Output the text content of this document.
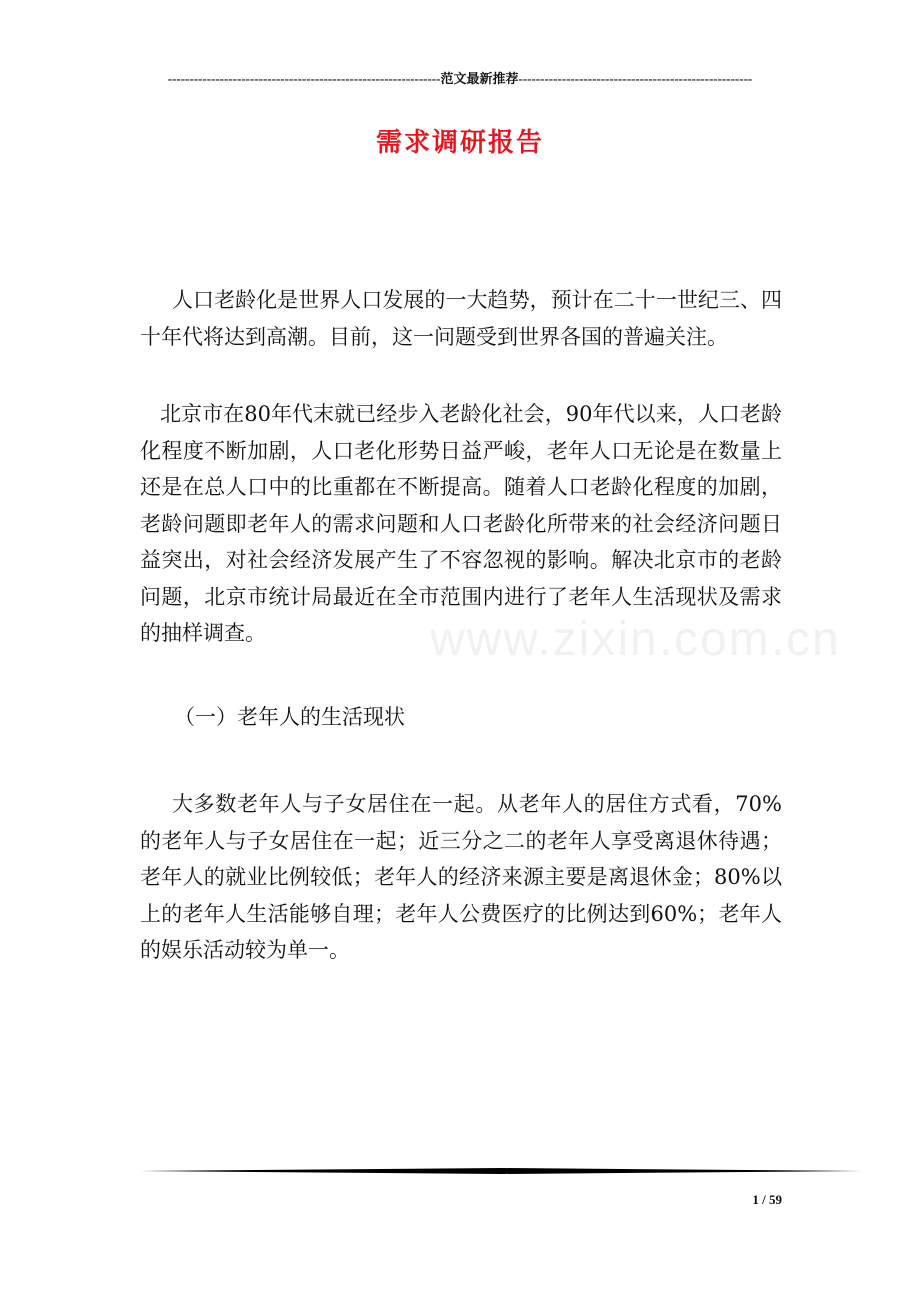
---------------------------------------------------------------范文最新推荐------------------------------------------------------
需求调研报告
www.zixin.com.cn

人口老龄化是世界人口发展的一大趋势，预计在二十一世纪三、四十年代将达到高潮。目前，这一问题受到世界各国的普遍关注。

北京市在80年代末就已经步入老龄化社会，90年代以来，人口老龄化程度不断加剧，人口老化形势日益严峻，老年人口无论是在数量上还是在总人口中的比重都在不断提高。随着人口老龄化程度的加剧，老龄问题即老年人的需求问题和人口老龄化所带来的社会经济问题日益突出，对社会经济发展产生了不容忽视的影响。解决北京市的老龄问题，北京市统计局最近在全市范围内进行了老年人生活现状及需求的抽样调查。

（一）老年人的生活现状

大多数老年人与子女居住在一起。从老年人的居住方式看，70%的老年人与子女居住在一起；近三分之二的老年人享受离退休待遇；老年人的就业比例较低；老年人的经济来源主要是离退休金；80%以上的老年人生活能够自理；老年人公费医疗的比例达到60%；老年人的娱乐活动较为单一。

1 / 59
